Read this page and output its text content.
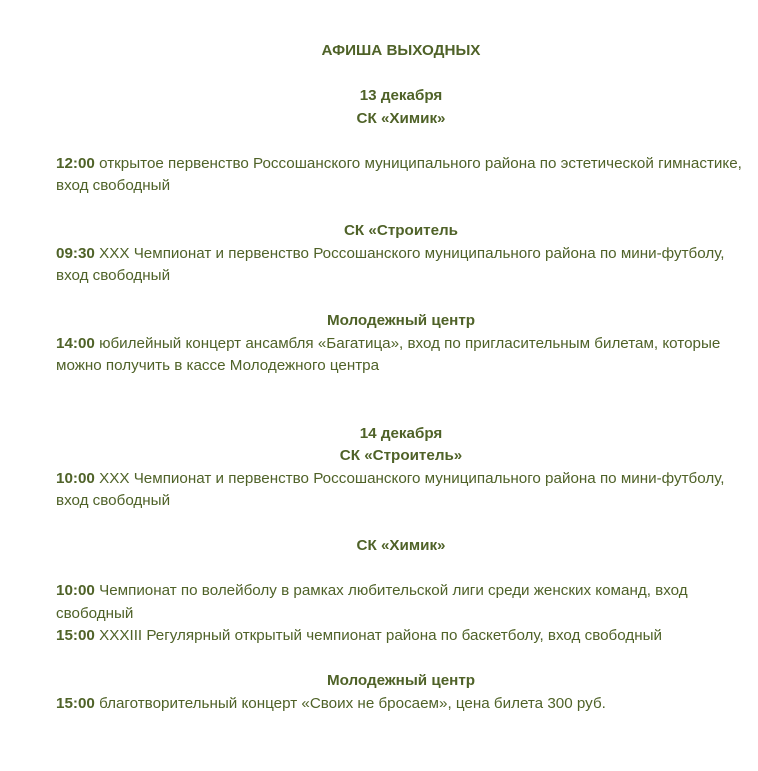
АФИША ВЫХОДНЫХ
13 декабря
СК «Химик»
12:00 открытое первенство Россошанского муниципального района по эстетической гимнастике, вход свободный
СК «Строитель
09:30 XXX Чемпионат и первенство Россошанского муниципального района по мини-футболу, вход свободный
Молодежный центр
14:00 юбилейный концерт ансамбля «Багатица», вход по пригласительным билетам, которые можно получить в кассе Молодежного центра
14 декабря
СК «Строитель»
10:00 XXX Чемпионат и первенство Россошанского муниципального района по мини-футболу, вход свободный
СК «Химик»
10:00 Чемпионат по волейболу в рамках любительской лиги среди женских команд, вход свободный
15:00 XXXIII Регулярный открытый чемпионат района по баскетболу, вход свободный
Молодежный центр
15:00 благотворительный концерт «Своих не бросаем», цена билета 300 руб.
